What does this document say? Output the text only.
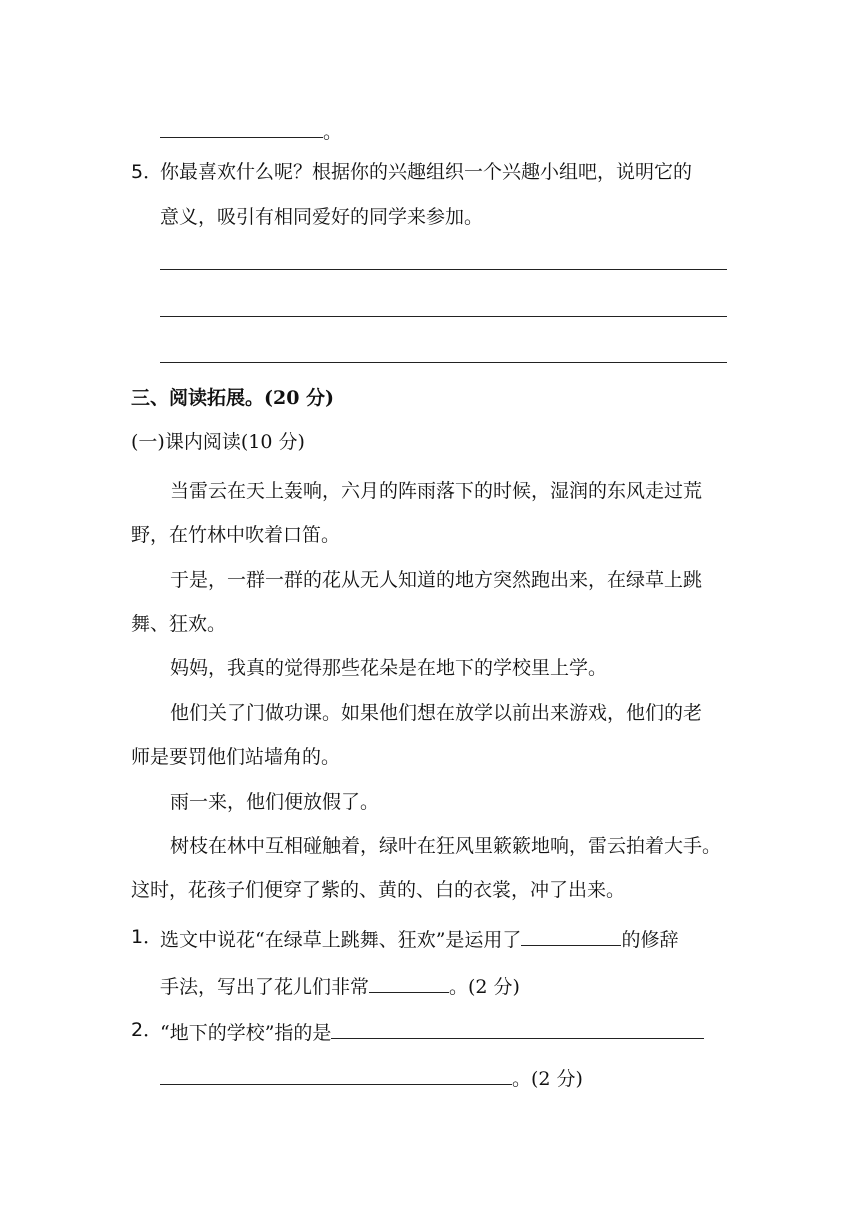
。
5．
你最喜欢什么呢？根据你的兴趣组织一个兴趣小组吧，说明它的
意义，吸引有相同爱好的同学来参加。
三、阅读拓展。(20 分)
(一)课内阅读(10 分)
当雷云在天上轰响，六月的阵雨落下的时候，湿润的东风走过荒
野，在竹林中吹着口笛。
于是，一群一群的花从无人知道的地方突然跑出来，在绿草上跳
舞、狂欢。
妈妈，我真的觉得那些花朵是在地下的学校里上学。
他们关了门做功课。如果他们想在放学以前出来游戏，他们的老
师是要罚他们站墙角的。
雨一来，他们便放假了。
树枝在林中互相碰触着，绿叶在狂风里簌簌地响，雷云拍着大手。
这时，花孩子们便穿了紫的、黄的、白的衣裳，冲了出来。
1．
选文中说花“在绿草上跳舞、狂欢”是运用了	的修辞
手法，写出了花儿们非常	。(2 分)
2．
“地下的学校”指的是
。(2 分)
